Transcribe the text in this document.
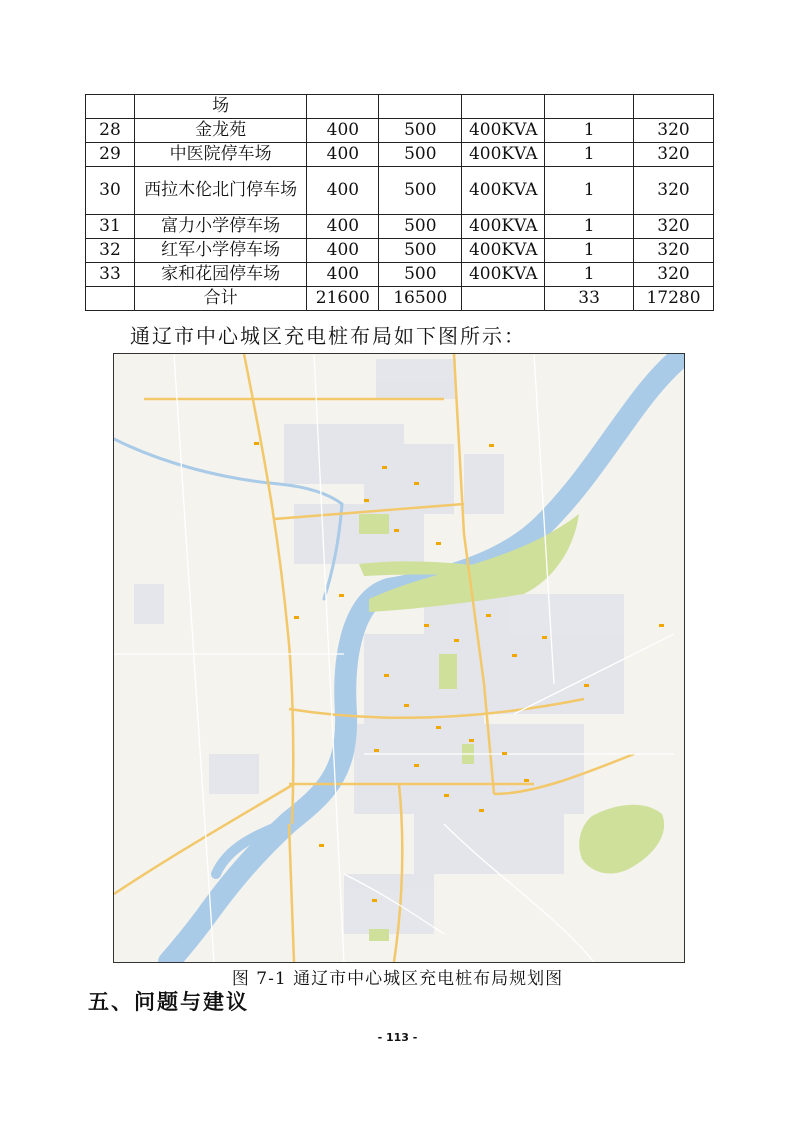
	场					
28	金龙苑	400	500	400KVA	1	320
29	中医院停车场	400	500	400KVA	1	320
30	西拉木伦北门停车场	400	500	400KVA	1	320
31	富力小学停车场	400	500	400KVA	1	320
32	红军小学停车场	400	500	400KVA	1	320
33	家和花园停车场	400	500	400KVA	1	320
	合计	21600	16500		33	17280
通辽市中心城区充电桩布局如下图所示：
图 7-1 通辽市中心城区充电桩布局规划图
五、问题与建议
- 113 -
